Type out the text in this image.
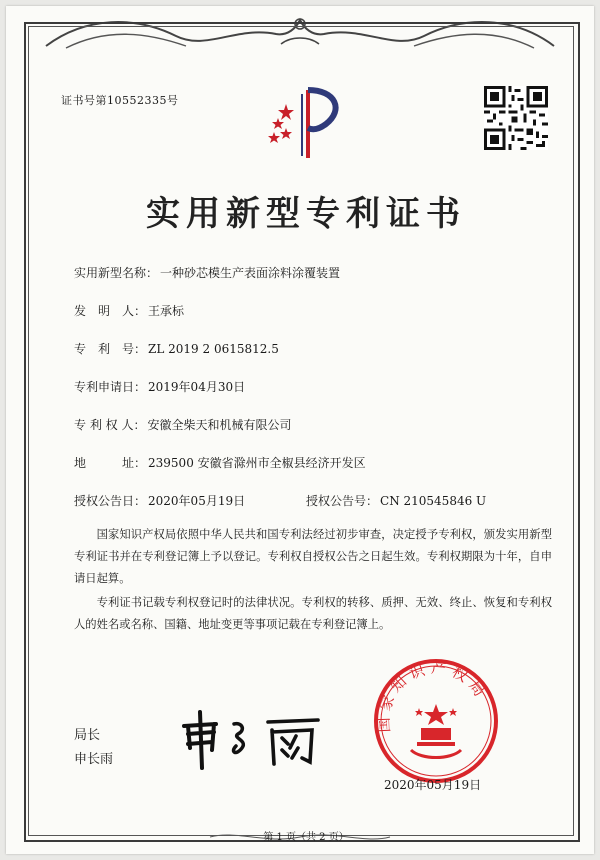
证书号第10552335号
实用新型专利证书
实用新型名称： 一种砂芯模生产表面涂料涂覆装置
发　明　人： 王承标
专　利　号： ZL 2019 2 0615812.5
专利申请日： 2019年04月30日
专 利 权 人： 安徽全柴天和机械有限公司
地　　　址： 239500 安徽省滁州市全椒县经济开发区
授权公告日： 2020年05月19日	授权公告号： CN 210545846 U

国家知识产权局依照中华人民共和国专利法经过初步审查，决定授予专利权，颁发实用新型专利证书并在专利登记簿上予以登记。专利权自授权公告之日起生效。专利权期限为十年，自申请日起算。

专利证书记载专利权登记时的法律状况。专利权的转移、质押、无效、终止、恢复和专利权人的姓名或名称、国籍、地址变更等事项记载在专利登记簿上。

局长
申长雨
国家知识产权局
2020年05月19日
第 1 页（共 2 页）
